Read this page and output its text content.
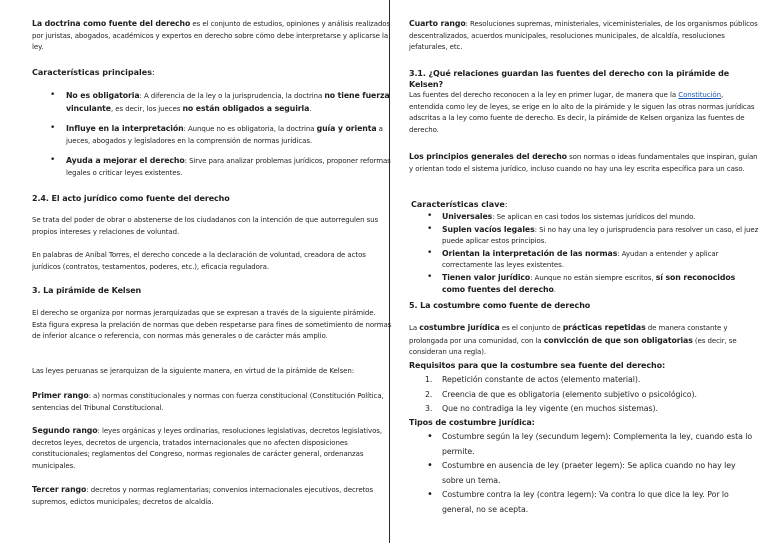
La doctrina como fuente del derecho es el conjunto de estudios, opiniones y análisis realizados por juristas, abogados, académicos y expertos en derecho sobre cómo debe interpretarse y aplicarse la ley.

Características principales:
• No es obligatoria: A diferencia de la ley o la jurisprudencia, la doctrina no tiene fuerza vinculante, es decir, los jueces no están obligados a seguirla.
• Influye en la interpretación: Aunque no es obligatoria, la doctrina guía y orienta a jueces, abogados y legisladores en la comprensión de normas jurídicas.
• Ayuda a mejorar el derecho: Sirve para analizar problemas jurídicos, proponer reformas legales o criticar leyes existentes.
2.4. El acto jurídico como fuente del derecho

Se trata del poder de obrar o abstenerse de los ciudadanos con la intención de que autorregulen sus propios intereses y relaciones de voluntad.

En palabras de Aníbal Torres, el derecho concede a la declaración de voluntad, creadora de actos jurídicos (contratos, testamentos, poderes, etc.), eficacia reguladora.

3. La pirámide de Kelsen

El derecho se organiza por normas jerarquizadas que se expresan a través de la siguiente pirámide. Esta figura expresa la prelación de normas que deben respetarse para fines de sometimiento de normas de inferior alcance o referencia, con normas más generales o de carácter más amplio.

Las leyes peruanas se jerarquizan de la siguiente manera, en virtud de la pirámide de Kelsen:

Primer rango: a) normas constitucionales y normas con fuerza constitucional (Constitución Política, sentencias del Tribunal Constitucional.

Segundo rango: leyes orgánicas y leyes ordinarias, resoluciones legislativas, decretos legislativos, decretos leyes, decretos de urgencia, tratados internacionales que no afecten disposiciones constitucionales; reglamentos del Congreso, normas regionales de carácter general, ordenanzas municipales.

Tercer rango: decretos y normas reglamentarias; convenios internacionales ejecutivos, decretos supremos, edictos municipales; decretos de alcaldía.

Cuarto rango: Resoluciones supremas, ministeriales, viceministeriales, de los organismos públicos descentralizados, acuerdos municipales, resoluciones municipales, de alcaldía, resoluciones jefaturales, etc.

3.1. ¿Qué relaciones guardan las fuentes del derecho con la pirámide de Kelsen?

Las fuentes del derecho reconocen a la ley en primer lugar, de manera que la Constitución, entendida como ley de leyes, se erige en lo alto de la pirámide y le siguen las otras normas jurídicas adscritas a la ley como fuente de derecho. Es decir, la pirámide de Kelsen organiza las fuentes de derecho.

Los principios generales del derecho son normas o ideas fundamentales que inspiran, guían y orientan todo el sistema jurídico, incluso cuando no hay una ley escrita específica para un caso.

Características clave:
• Universales: Se aplican en casi todos los sistemas jurídicos del mundo.
• Suplen vacíos legales: Si no hay una ley o jurisprudencia para resolver un caso, el juez puede aplicar estos principios.
• Orientan la interpretación de las normas: Ayudan a entender y aplicar correctamente las leyes existentes.
• Tienen valor jurídico: Aunque no están siempre escritos, sí son reconocidos como fuentes del derecho.
5. La costumbre como fuente de derecho

La costumbre jurídica es el conjunto de prácticas repetidas de manera constante y prolongada por una comunidad, con la convicción de que son obligatorias (es decir, se consideran una regla).

Requisitos para que la costumbre sea fuente del derecho:
1. Repetición constante de actos (elemento material).
2. Creencia de que es obligatoria (elemento subjetivo o psicológico).
3. Que no contradiga la ley vigente (en muchos sistemas).
Tipos de costumbre jurídica:
• Costumbre según la ley (secundum legem): Complementa la ley, cuando esta lo permite.
• Costumbre en ausencia de ley (praeter legem): Se aplica cuando no hay ley sobre un tema.
• Costumbre contra la ley (contra legem): Va contra lo que dice la ley. Por lo general, no se acepta.
